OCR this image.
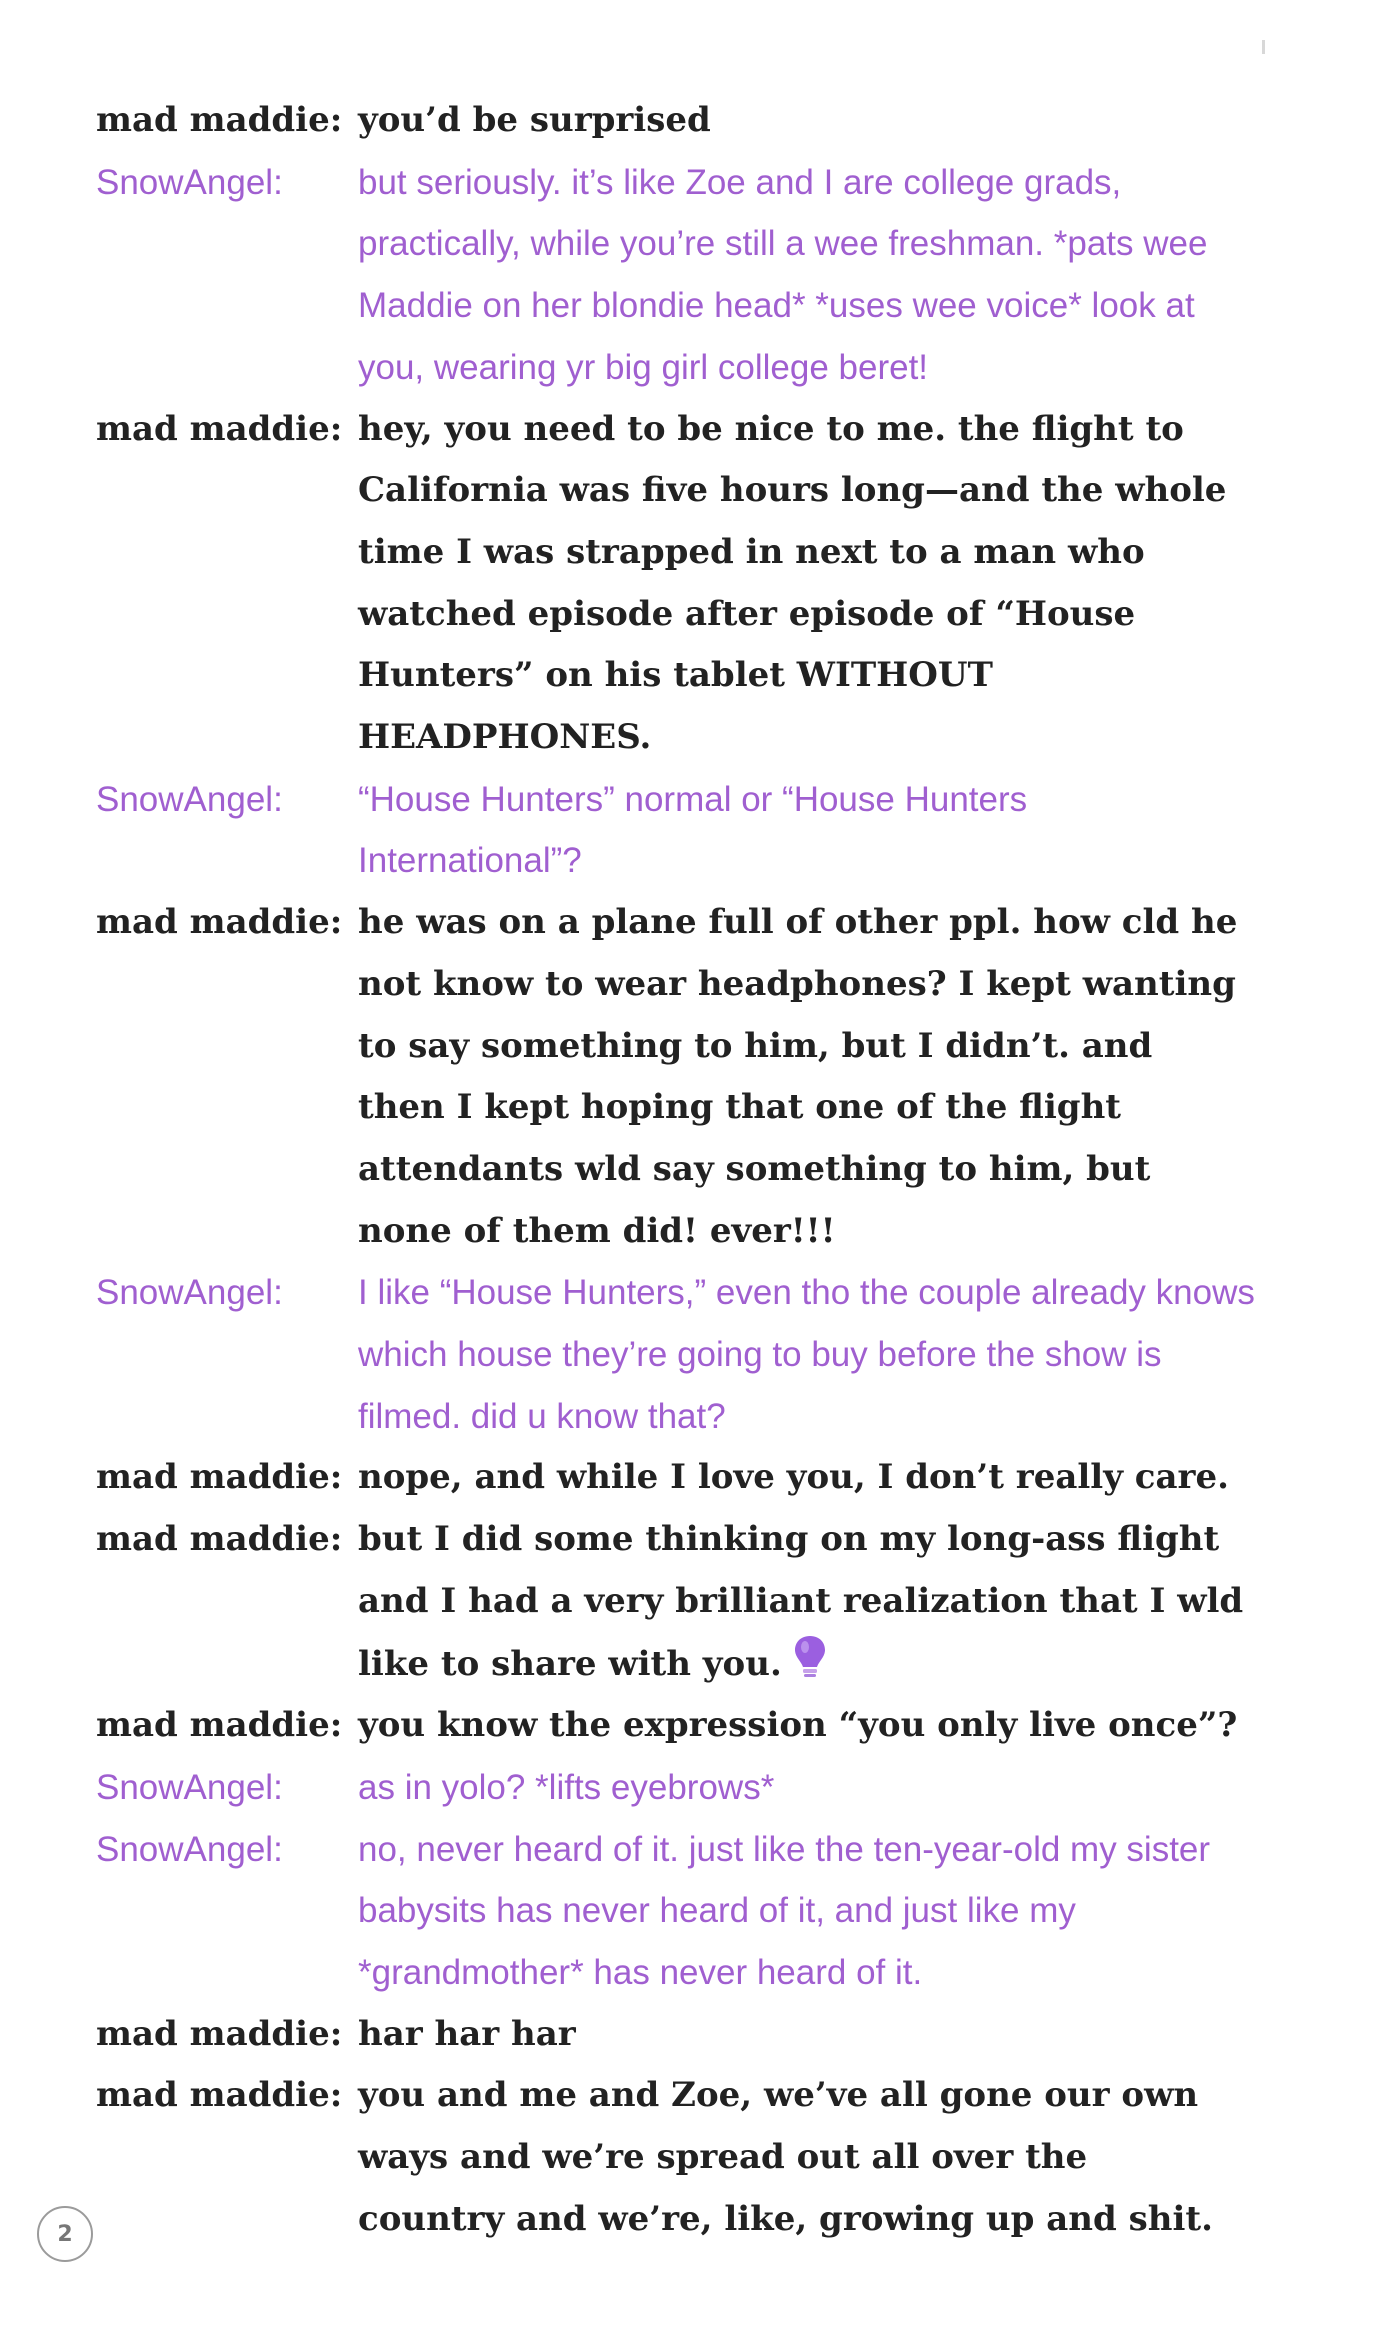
mad maddie: you’d be surprised
SnowAngel:	but seriously. it’s like Zoe and I are college grads, practically, while you’re still a wee freshman. *pats wee Maddie on her blondie head* *uses wee voice* look at you, wearing yr big girl college beret!
mad maddie: hey, you need to be nice to me. the flight to California was five hours long—and the whole time I was strapped in next to a man who watched episode after episode of “House Hunters” on his tablet WITHOUT HEADPHONES.
SnowAngel:	“House Hunters” normal or “House Hunters International”?
mad maddie: he was on a plane full of other ppl. how cld he not know to wear headphones? I kept wanting to say something to him, but I didn’t. and then I kept hoping that one of the flight attendants wld say something to him, but none of them did! ever!!!
SnowAngel:	I like “House Hunters,” even tho the couple already knows which house they’re going to buy before the show is filmed. did u know that?
mad maddie: nope, and while I love you, I don’t really care.
mad maddie: but I did some thinking on my long-ass flight and I had a very brilliant realization that I wld like to share with you.
mad maddie: you know the expression “you only live once”?
SnowAngel:	as in yolo? *lifts eyebrows*
SnowAngel:	no, never heard of it. just like the ten-year-old my sister babysits has never heard of it, and just like my *grandmother* has never heard of it.
mad maddie: har har har
mad maddie: you and me and Zoe, we’ve all gone our own ways and we’re spread out all over the country and we’re, like, growing up and shit.
2
